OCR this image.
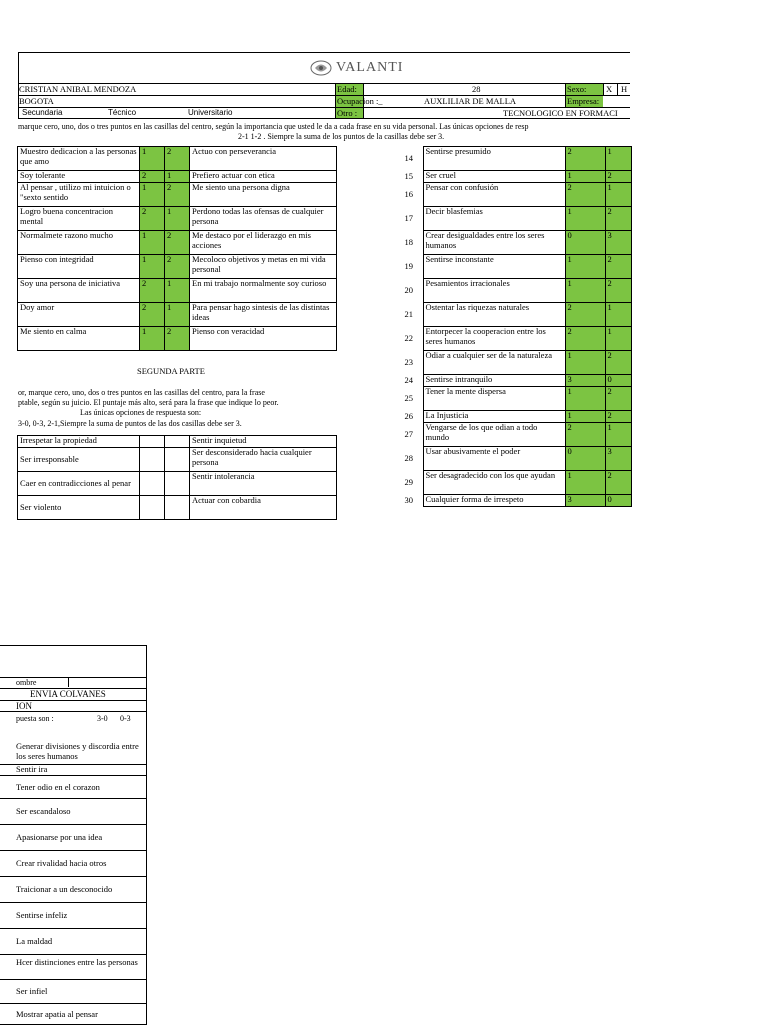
VALANTI
CRISTIAN ANIBAL MENDOZA	Edad:	28	Sexo: X H
BOGOTA	Ocupacion :_	AUXLILIAR DE MALLA	Empresa:
Secundaria	Técnico	Universitario	Otro :	TECNOLOGICO EN FORMACI
marque cero, uno, dos o tres puntos en las casillas del centro, según la importancia que usted le da a cada frase en su vida personal. Las únicas opciones de resp
2-1 1-2 . Siempre la suma de los puntos de la casillas debe ser 3.
Muestro dedicacion a las personas que amo	1	2	Actuo con perseverancia
Soy tolerante	2	1	Prefiero actuar con etica
Al pensar , utilizo mi intuicion o "sexto sentido	1	2	Me siento una persona digna
Logro buena concentracion mental	2	1	Perdono todas las ofensas de cualquier persona
Normalmete razono mucho	1	2	Me destaco por el liderazgo en mis acciones
Pienso con integridad	1	2	Mecoloco objetivos y metas en mi vida personal
Soy una persona de iniciativa	2	1	En mi trabajo normalmente soy curioso
Doy amor	2	1	Para pensar hago sintesis de las distintas ideas
Me siento en calma	1	2	Pienso con veracidad
14	Sentirse presumido	2	1
15	Ser cruel	1	2
16	Pensar con confusión	2	1
17	Decir blasfemias	1	2
18	Crear desigualdades entre los seres humanos	0	3
19	Sentirse inconstante	1	2
20	Pesamientos irracionales	1	2
21	Ostentar las riquezas naturales	2	1
22	Entorpecer la cooperacion entre los seres humanos	2	1
23	Odiar a cualquier ser de la naturaleza	1	2
24	Sentirse intranquilo	3	0
25	Tener la mente dispersa	1	2
26	La Injusticia	1	2
27	Vengarse de los que odian a todo mundo	2	1
28	Usar abusivamente el poder	0	3
29	Ser desagradecido con los que ayudan	1	2
30	Cualquier forma de irrespeto	3	0
SEGUNDA PARTE
or, marque cero, uno, dos o tres puntos en las casillas del centro, para la frase
ptable, según su juicio. El puntaje más alto, será para la frase que indique lo peor.
Las únicas opciones de respuesta son:
3-0, 0-3, 2-1,Siempre la suma de puntos de las dos casillas debe ser 3.
Irrespetar la propiedad			Sentir inquietud
Ser irresponsable			Ser desconsiderado hacia cualquier persona
Caer en contradicciones al penar			Sentir intolerancia
Ser violento			Actuar con cobardia
ombre
ENVIA COLVANES
ION
puesta son :	3-0 0-3
Generar divisiones y discordia entre los seres humanos
Sentir ira
Tener odio en el corazon
Ser escandaloso
Apasionarse por una idea
Crear rivalidad hacia otros
Traicionar a un desconocido
Sentirse infeliz
La maldad
Hcer distinciones entre las personas
Ser infiel
Mostrar apatia al pensar
